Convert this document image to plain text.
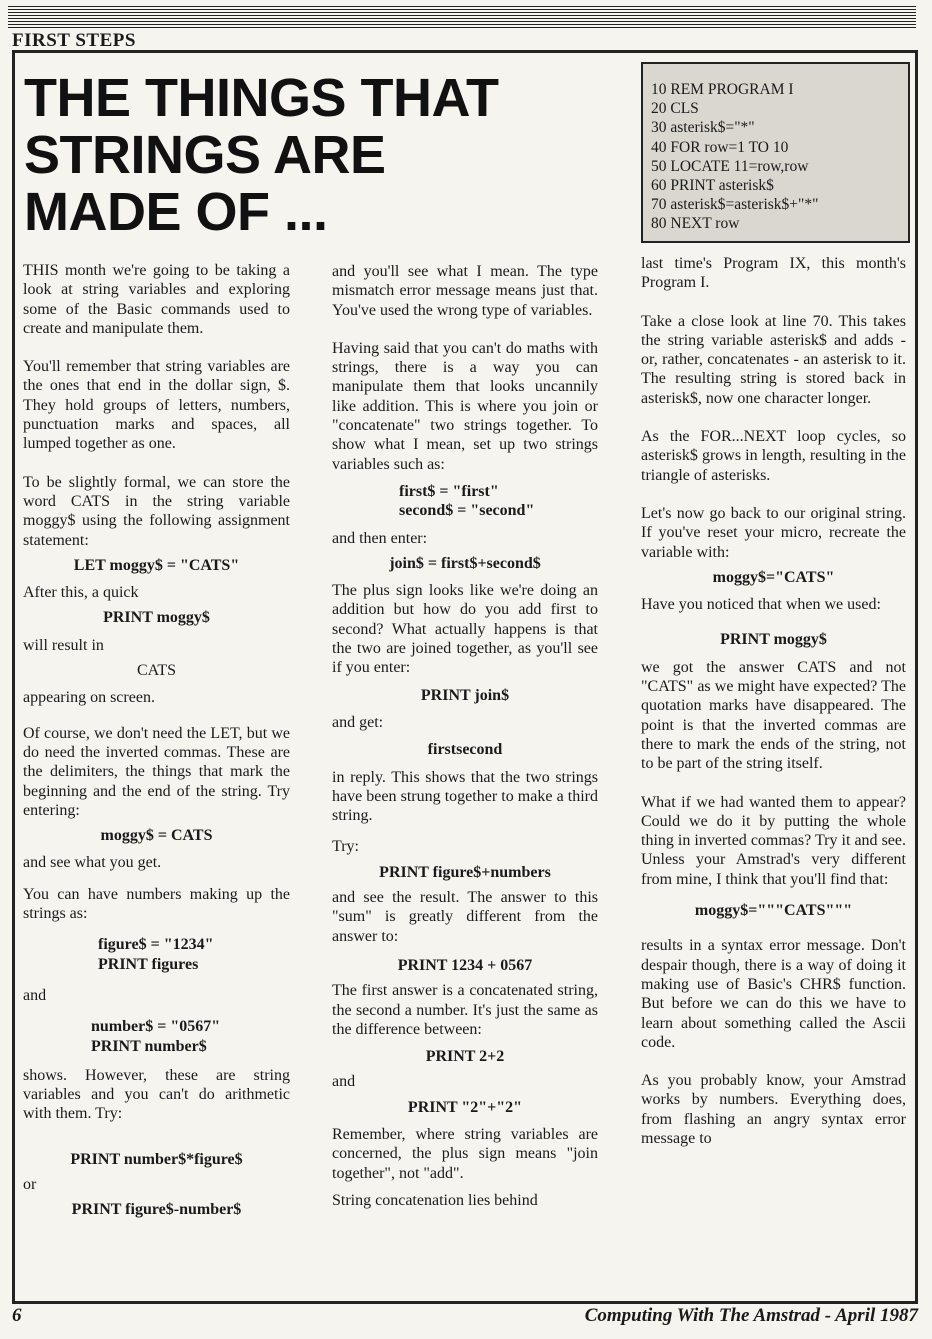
FIRST STEPS
THE THINGS THAT
STRINGS ARE
MADE OF ...
10 REM PROGRAM I
20 CLS
30 asterisk$="*"
40 FOR row=1 TO 10
50 LOCATE 11=row,row
60 PRINT asterisk$
70 asterisk$=asterisk$+"*"
80 NEXT row

THIS month we're going to be taking a look at string variables and exploring some of the Basic commands used to create and manipulate them.

You'll remember that string variables are the ones that end in the dollar sign, $. They hold groups of letters, numbers, punctuation marks and spaces, all lumped together as one.

To be slightly formal, we can store the word CATS in the string variable moggy$ using the following assignment statement:

LET moggy$ = "CATS"

After this, a quick

PRINT moggy$

will result in

CATS

appearing on screen.

Of course, we don't need the LET, but we do need the inverted commas. These are the delimiters, the things that mark the beginning and the end of the string. Try entering:

moggy$ = CATS

and see what you get.

You can have numbers making up the strings as:

figure$ = "1234"
PRINT figures

and

number$ = "0567"
PRINT number$

shows. However, these are string variables and you can't do arithmetic with them. Try:

PRINT number$*figure$

or

PRINT figure$-number$

and you'll see what I mean. The type mismatch error message means just that. You've used the wrong type of variables.

Having said that you can't do maths with strings, there is a way you can manipulate them that looks uncannily like addition. This is where you join or "concatenate" two strings together. To show what I mean, set up two strings variables such as:

first$ = "first"
second$ = "second"

and then enter:

join$ = first$+second$

The plus sign looks like we're doing an addition but how do you add first to second? What actually happens is that the two are joined together, as you'll see if you enter:

PRINT join$

and get:

firstsecond

in reply. This shows that the two strings have been strung together to make a third string.

Try:

PRINT figure$+numbers

and see the result. The answer to this "sum" is greatly different from the answer to:

PRINT 1234 + 0567

The first answer is a concatenated string, the second a number. It's just the same as the difference between:

PRINT 2+2

and

PRINT "2"+"2"

Remember, where string variables are concerned, the plus sign means "join together", not "add".

String concatenation lies behind

last time's Program IX, this month's Program I.

Take a close look at line 70. This takes the string variable asterisk$ and adds - or, rather, concatenates - an asterisk to it. The resulting string is stored back in asterisk$, now one character longer.

As the FOR...NEXT loop cycles, so asterisk$ grows in length, resulting in the triangle of asterisks.

Let's now go back to our original string. If you've reset your micro, recreate the variable with:

moggy$="CATS"

Have you noticed that when we used:

PRINT moggy$

we got the answer CATS and not "CATS" as we might have expected? The quotation marks have disappeared. The point is that the inverted commas are there to mark the ends of the string, not to be part of the string itself.

What if we had wanted them to appear? Could we do it by putting the whole thing in inverted commas? Try it and see. Unless your Amstrad's very different from mine, I think that you'll find that:

moggy$="""CATS"""

results in a syntax error message. Don't despair though, there is a way of doing it making use of Basic's CHR$ function. But before we can do this we have to learn about something called the Ascii code.

As you probably know, your Amstrad works by numbers. Everything does, from flashing an angry syntax error message to

6	Computing With The Amstrad - April 1987
